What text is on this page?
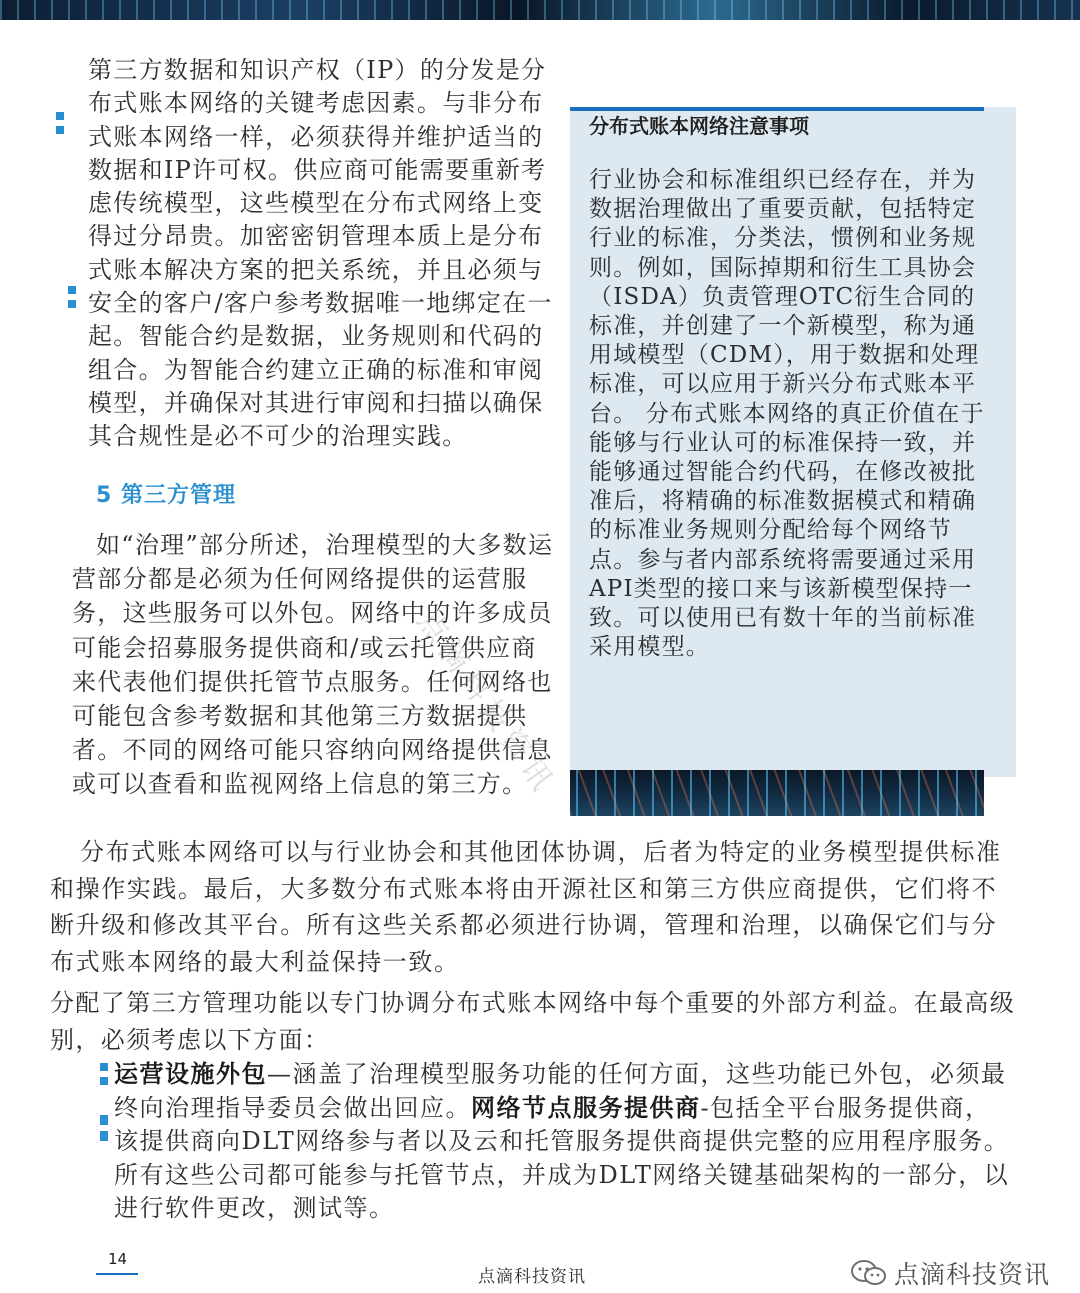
第三方数据和知识产权（IP）的分发是分布式账本网络的关键考虑因素。与非分布式账本网络一样，必须获得并维护适当的数据和IP许可权。供应商可能需要重新考虑传统模型，这些模型在分布式网络上变得过分昂贵。加密密钥管理本质上是分布式账本解决方案的把关系统，并且必须与安全的客户/客户参考数据唯一地绑定在一起。智能合约是数据，业务规则和代码的组合。为智能合约建立正确的标准和审阅模型，并确保对其进行审阅和扫描以确保其合规性是必不可少的治理实践。

5 第三方管理

如“治理”部分所述，治理模型的大多数运营部分都是必须为任何网络提供的运营服务，这些服务可以外包。网络中的许多成员可能会招募服务提供商和/或云托管供应商来代表他们提供托管节点服务。任何网络也可能包含参考数据和其他第三方数据提供者。不同的网络可能只容纳向网络提供信息或可以查看和监视网络上信息的第三方。

分布式账本网络注意事项

行业协会和标准组织已经存在，并为数据治理做出了重要贡献，包括特定行业的标准，分类法，惯例和业务规则。例如，国际掉期和衍生工具协会（ISDA）负责管理OTC衍生合同的标准，并创建了一个新模型，称为通用域模型（CDM），用于数据和处理标准，可以应用于新兴分布式账本平台。 分布式账本网络的真正价值在于能够与行业认可的标准保持一致，并能够通过智能合约代码，在修改被批准后，将精确的标准数据模式和精确的标准业务规则分配给每个网络节点。参与者内部系统将需要通过采用API类型的接口来与该新模型保持一致。可以使用已有数十年的当前标准采用模型。

点滴科技资讯

分布式账本网络可以与行业协会和其他团体协调，后者为特定的业务模型提供标准和操作实践。最后，大多数分布式账本将由开源社区和第三方供应商提供，它们将不断升级和修改其平台。所有这些关系都必须进行协调，管理和治理，以确保它们与分布式账本网络的最大利益保持一致。

分配了第三方管理功能以专门协调分布式账本网络中每个重要的外部方利益。在最高级别，必须考虑以下方面：

运营设施外包—涵盖了治理模型服务功能的任何方面，这些功能已外包，必须最终向治理指导委员会做出回应。网络节点服务提供商-包括全平台服务提供商，该提供商向DLT网络参与者以及云和托管服务提供商提供完整的应用程序服务。所有这些公司都可能参与托管节点，并成为DLT网络关键基础架构的一部分，以进行软件更改，测试等。

14
点滴科技资讯	点滴科技资讯
